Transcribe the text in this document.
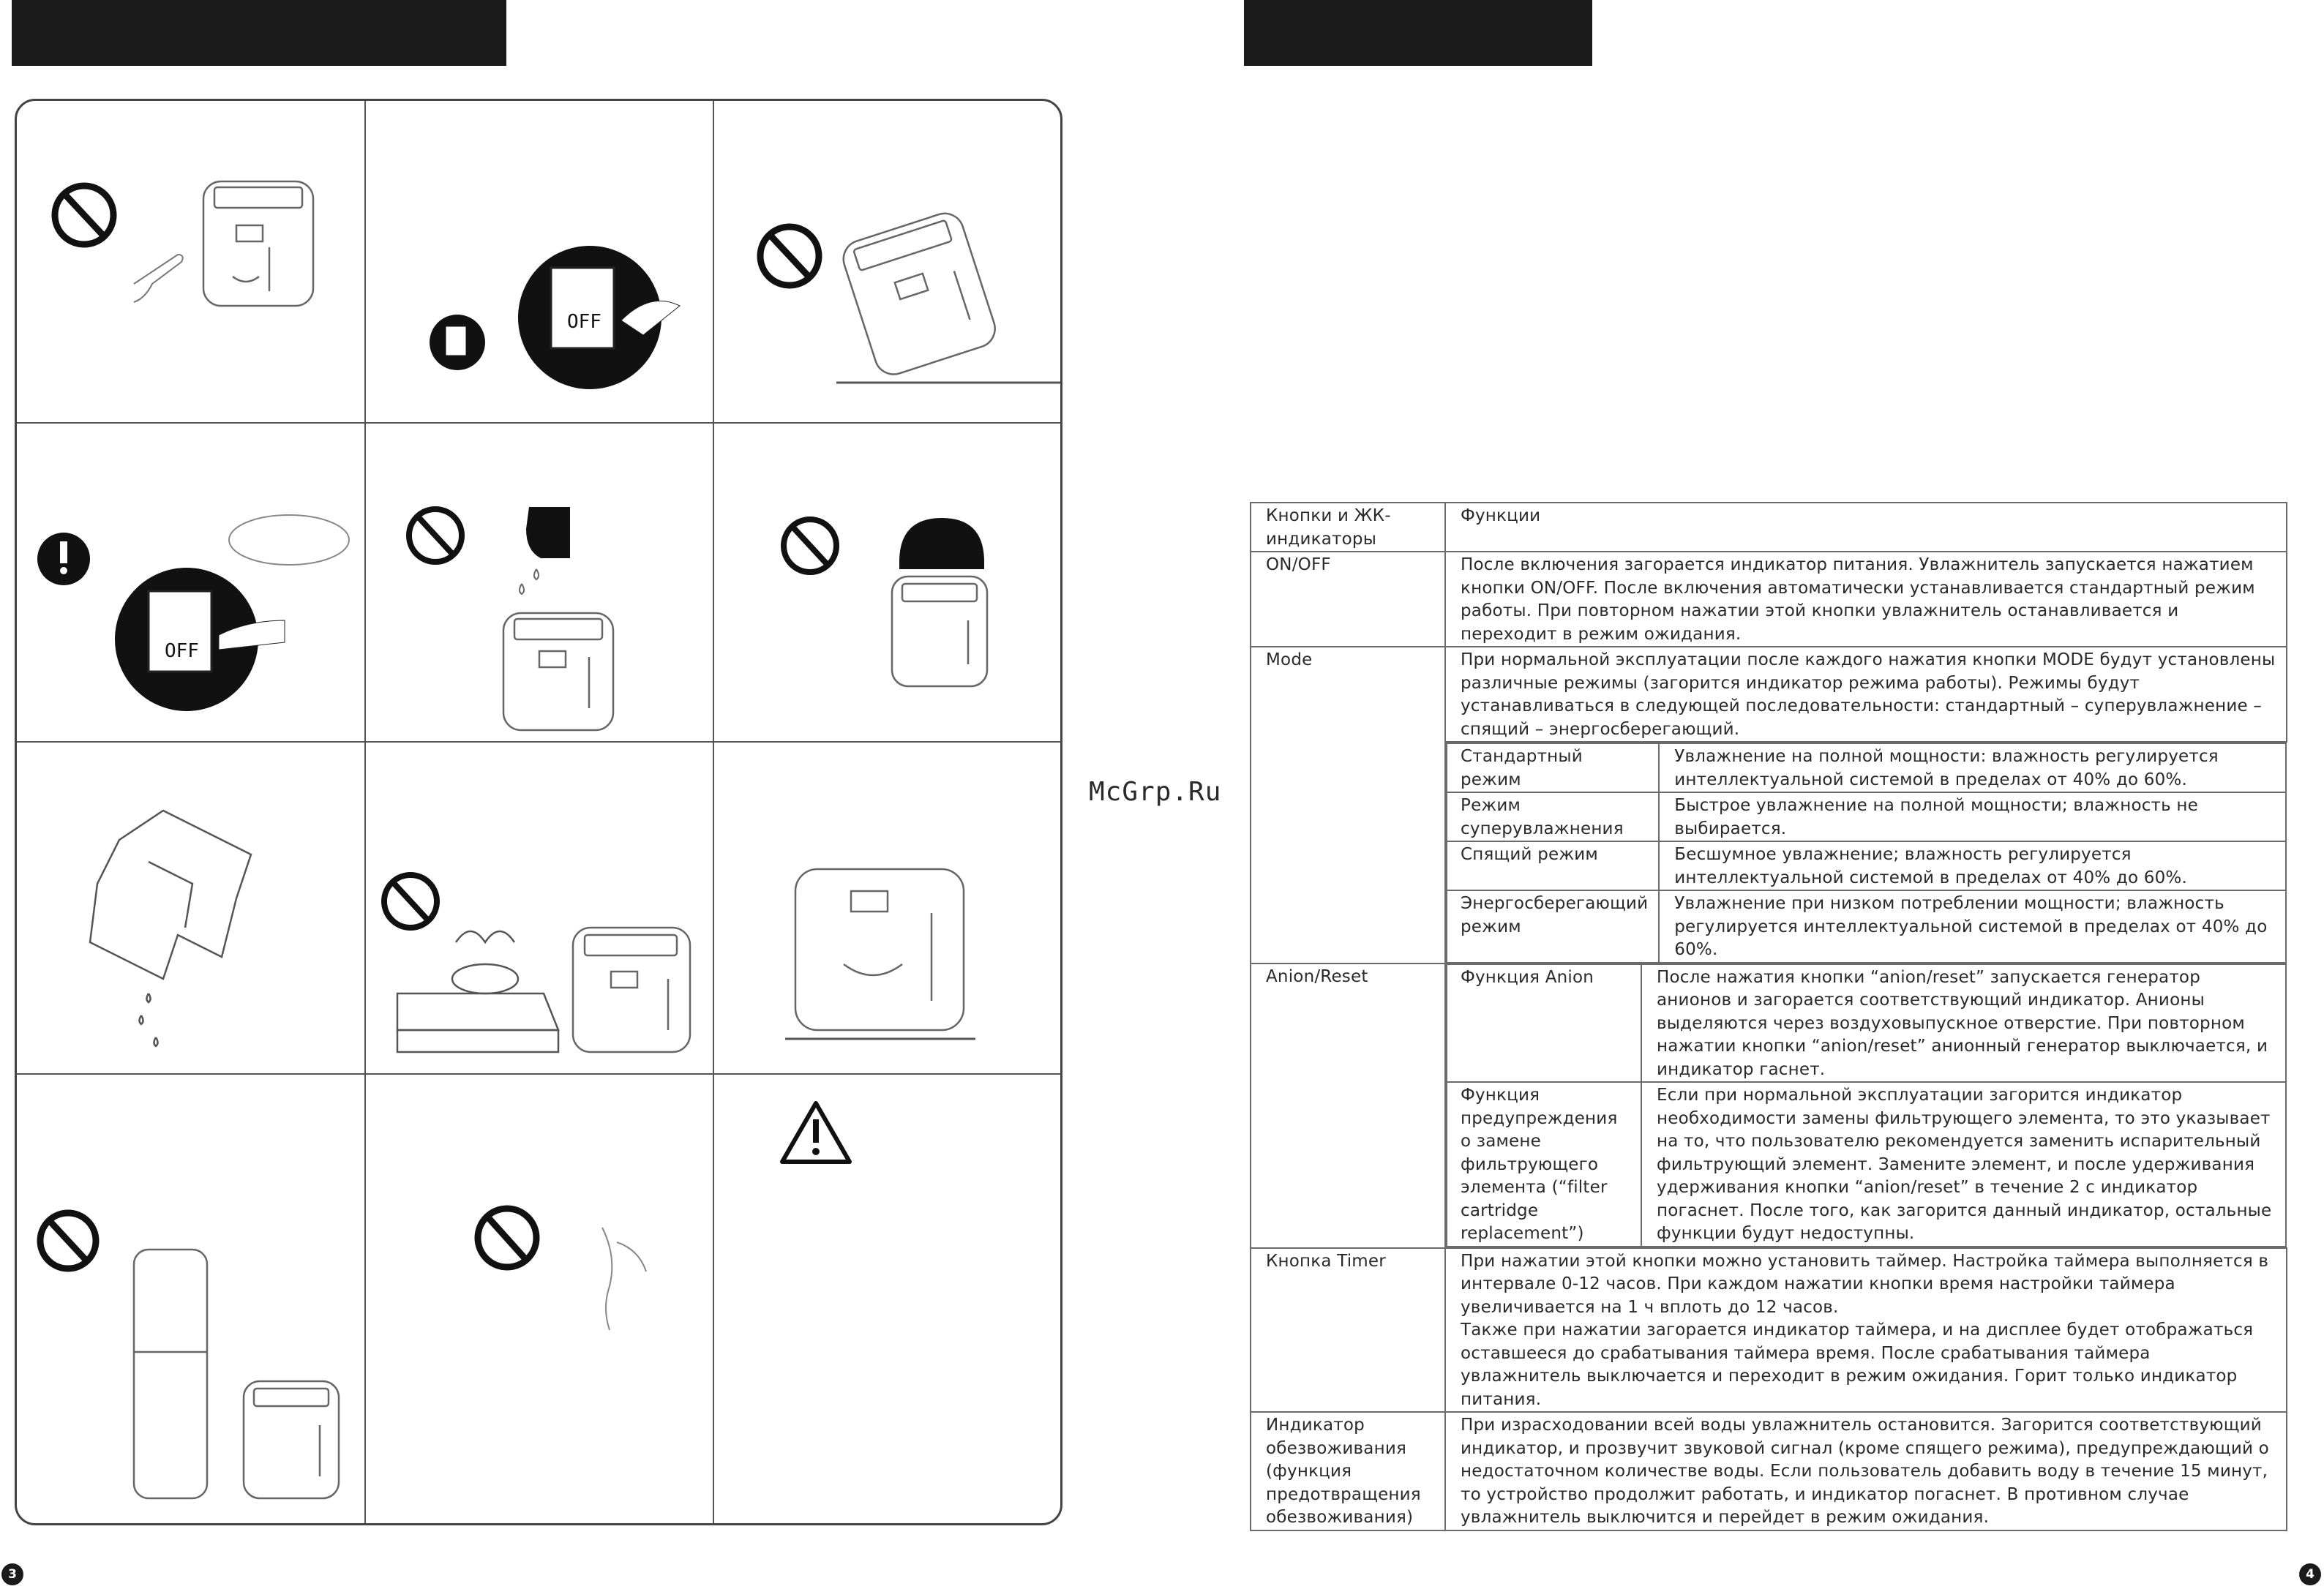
OFF
OFF
McGrp.Ru
Кнопки и ЖК-индикаторы	Функции
ON/OFF	После включения загорается индикатор питания. Увлажнитель запускается нажатием кнопки ON/OFF. После включения автоматически устанавливается стандартный режим работы. При повторном нажатии этой кнопки увлажнитель останавливается и переходит в режим ожидания.
Mode	При нормальной эксплуатации после каждого нажатия кнопки MODE будут установлены различные режимы (загорится индикатор режима работы). Режимы будут устанавливаться в следующей последовательности: стандартный – суперувлажнение – спящий – энергосберегающий.

Стандартный режим	Увлажнение на полной мощности: влажность регулируется интеллектуальной системой в пределах от 40% до 60%.
Режим суперувлажнения	Быстрое увлажнение на полной мощности; влажность не выбирается.
Спящий режим	Бесшумное увлажнение; влажность регулируется интеллектуальной системой в пределах от 40% до 60%.
Энергосберегающий режим	Увлажнение при низком потреблении мощности; влажность регулируется интеллектуальной системой в пределах от 40% до 60%.

Anion/Reset		Функция Anion	После нажатия кнопки “anion/reset” запускается генератор анионов и загорается соответствующий индикатор. Анионы выделяются через воздуховыпускное отверстие. При повторном нажатии кнопки “anion/reset” анионный генератор выключается, и индикатор гаснет.
Функция предупреждения о замене фильтрующего элемента (“filter cartridge replacement”)	Если при нормальной эксплуатации загорится индикатор необходимости замены фильтрующего элемента, то это указывает на то, что пользователю рекомендуется заменить испарительный фильтрующий элемент. Замените элемент, и после удерживания удерживания кнопки “anion/reset” в течение 2 с индикатор погаснет. После того, как загорится данный индикатор, остальные функции будут недоступны.

Кнопка Timer	При нажатии этой кнопки можно установить таймер. Настройка таймера выполняется в интервале 0-12 часов. При каждом нажатии кнопки время настройки таймера увеличивается на 1 ч вплоть до 12 часов.
Также при нажатии загорается индикатор таймера, и на дисплее будет отображаться оставшееся до срабатывания таймера время. После срабатывания таймера увлажнитель выключается и переходит в режим ожидания. Горит только индикатор питания.

Индикатор обезвоживания (функция предотвращения обезвоживания)	При израсходовании всей воды увлажнитель остановится. Загорится соответствующий индикатор, и прозвучит звуковой сигнал (кроме спящего режима), предупреждающий о недостаточном количестве воды. Если пользователь добавить воду в течение 15 минут, то устройство продолжит работать, и индикатор погаснет. В противном случае увлажнитель выключится и перейдет в режим ожидания.
3	4
